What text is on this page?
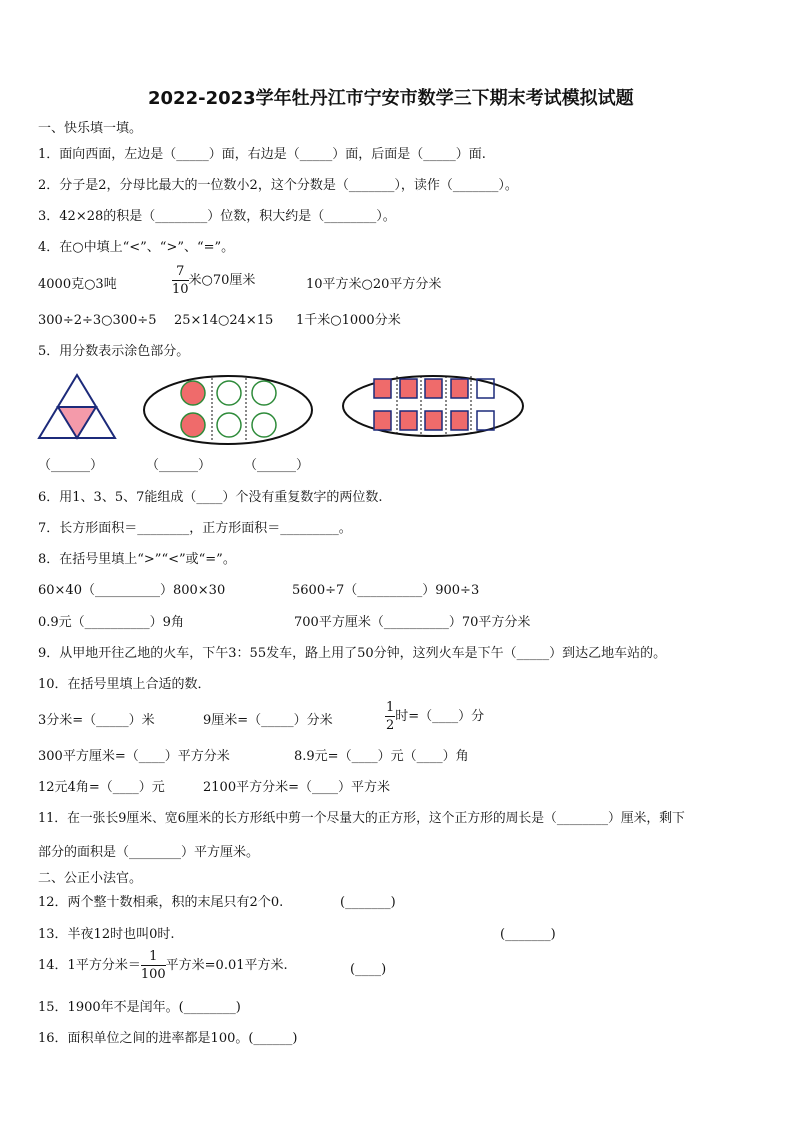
2022-2023学年牡丹江市宁安市数学三下期末考试模拟试题
一、快乐填一填。
1．面向西面，左边是（_____）面，右边是（_____）面，后面是（_____）面.
2．分子是2，分母比最大的一位数小2，这个分数是（_______），读作（_______）。
3．42×28的积是（________）位数，积大约是（________）。
4．在○中填上“<”、“>”、“=”。
4000克○3吨	$\frac{7}{10}$ 米○70厘米	10平方米○20平方分米
300÷2÷3○300÷5 25×14○24×15 1千米○1000分米
5．用分数表示涂色部分。
（______）	（______）	（______）
6．用1、3、5、7能组成（____）个没有重复数字的两位数.
7．长方形面积＝________，正方形面积＝_________。
8．在括号里填上“>”“<”或“=”。
60×40（__________）800×30	5600÷7（__________）900÷3
0.9元（__________）9角	700平方厘米（__________）70平方分米
9．从甲地开往乙地的火车，下午3：55发车，路上用了50分钟，这列火车是下午（_____）到达乙地车站的。
10．在括号里填上合适的数．
3分米=（_____）米	9厘米=（_____）分米	$\frac{1}{2}$ 时=（____）分
300平方厘米=（____）平方分米	8.9元=（____）元（____）角
12元4角=（____）元	2100平方分米=（____）平方米
11．在一张长9厘米、宽6厘米的长方形纸中剪一个尽量大的正方形，这个正方形的周长是（________）厘米，剩下
部分的面积是（________）平方厘米。
二、公正小法官。
12．两个整十数相乘，积的末尾只有2个0.	(_______)
13．半夜12时也叫0时.	(_______)
14．1平方分米＝ $\frac{1}{100}$ 平方米=0.01平方米.	(____)
15．1900年不是闰年。(________)
16．面积单位之间的进率都是100。(______)
